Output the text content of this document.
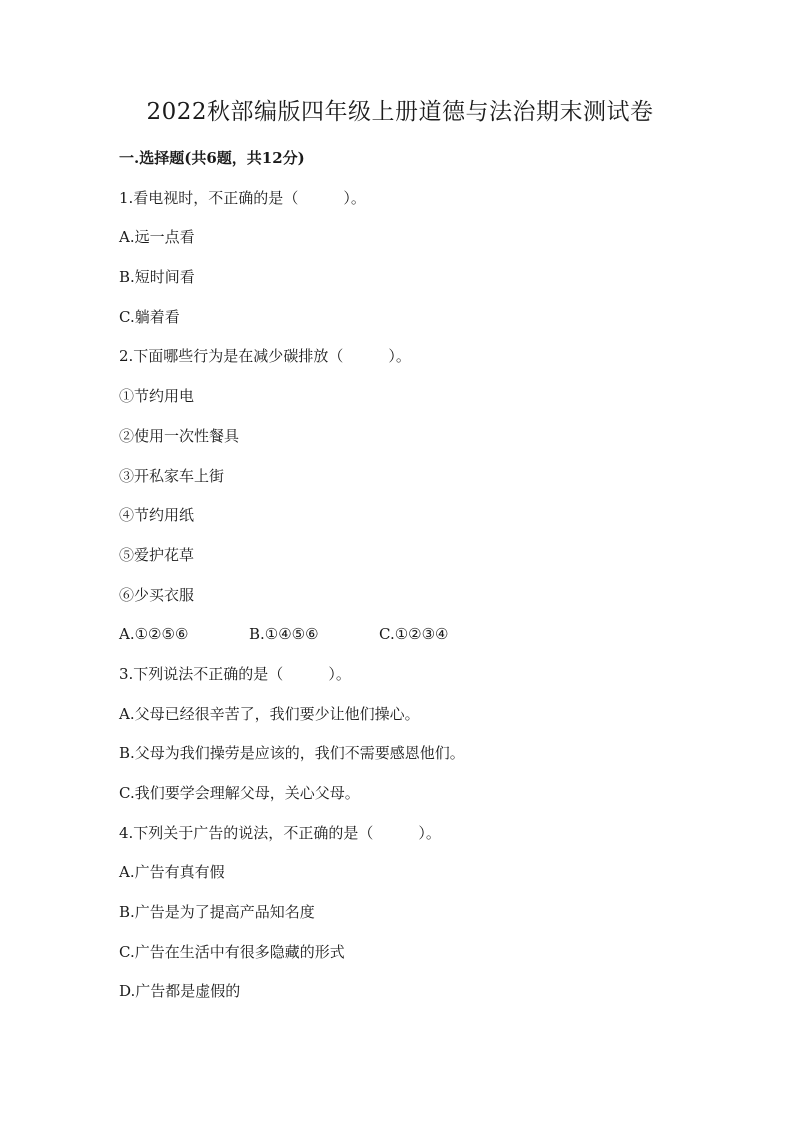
2022秋部编版四年级上册道德与法治期末测试卷
一.选择题(共6题，共12分)
1.看电视时，不正确的是（　　　）。
A.远一点看
B.短时间看
C.躺着看
2.下面哪些行为是在减少碳排放（　　　）。
①节约用电
②使用一次性餐具
③开私家车上街
④节约用纸
⑤爱护花草
⑥少买衣服
A.①②⑤⑥	B.①④⑤⑥	C.①②③④
3.下列说法不正确的是（　　　）。
A.父母已经很辛苦了，我们要少让他们操心。
B.父母为我们操劳是应该的，我们不需要感恩他们。
C.我们要学会理解父母，关心父母。
4.下列关于广告的说法，不正确的是（　　　）。
A.广告有真有假
B.广告是为了提高产品知名度
C.广告在生活中有很多隐藏的形式
D.广告都是虚假的
